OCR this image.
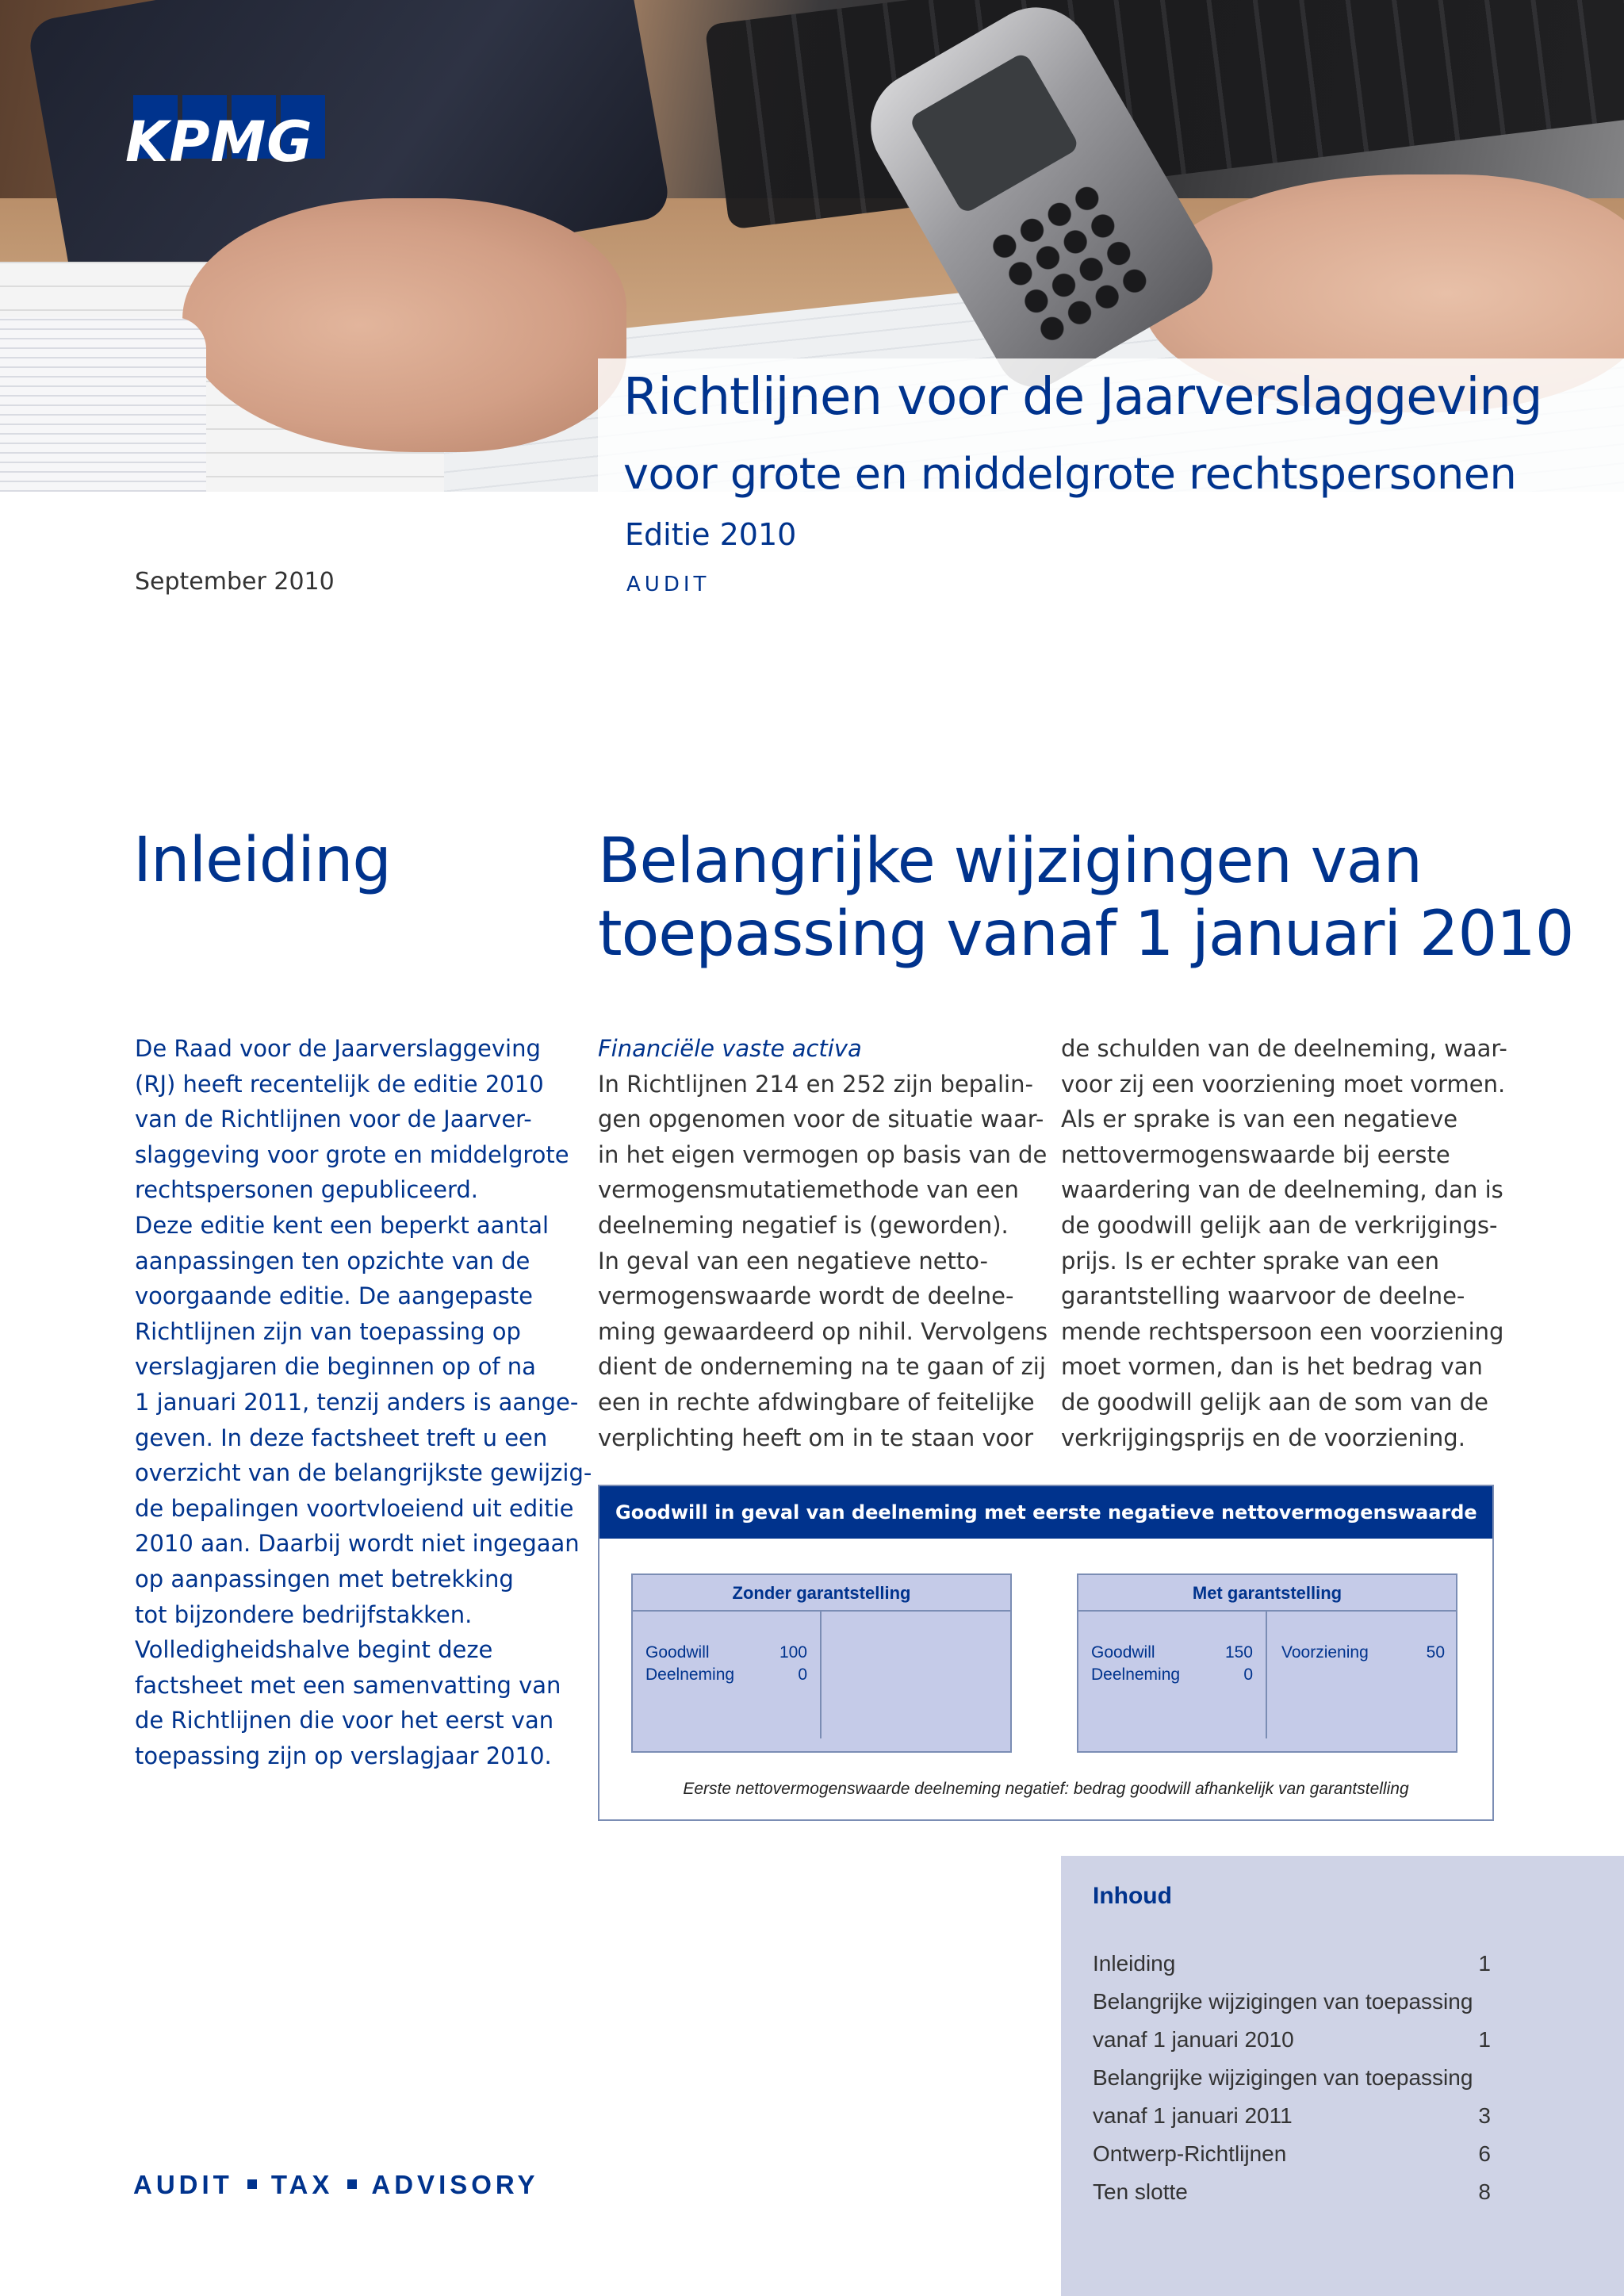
KPMG
Richtlijnen voor de Jaarverslaggeving
voor grote en middelgrote rechtspersonen
Editie 2010
AUDIT
September 2010
Inleiding	Belangrijke wijzigingen van
toepassing vanaf 1 januari 2010
De Raad voor de Jaarverslaggeving
(RJ) heeft recentelijk de editie 2010
van de Richtlijnen voor de Jaarver-
slaggeving voor grote en middelgrote
rechtspersonen gepubliceerd.
Deze editie kent een beperkt aantal
aanpassingen ten opzichte van de
voorgaande editie. De aangepaste
Richtlijnen zijn van toepassing op
verslagjaren die beginnen op of na
1 januari 2011, tenzij anders is aange-
geven. In deze factsheet treft u een
overzicht van de belangrijkste gewijzig-
de bepalingen voortvloeiend uit editie
2010 aan. Daarbij wordt niet ingegaan
op aanpassingen met betrekking
tot bijzondere bedrijfstakken.
Volledigheidshalve begint deze
factsheet met een samenvatting van
de Richtlijnen die voor het eerst van
toepassing zijn op verslagjaar 2010.
Financiële vaste activa
In Richtlijnen 214 en 252 zijn bepalin-
gen opgenomen voor de situatie waar-
in het eigen vermogen op basis van de
vermogensmutatiemethode van een
deelneming negatief is (geworden).
In geval van een negatieve netto-
vermogenswaarde wordt de deelne-
ming gewaardeerd op nihil. Vervolgens
dient de onderneming na te gaan of zij
een in rechte afdwingbare of feitelijke
verplichting heeft om in te staan voor
de schulden van de deelneming, waar-
voor zij een voorziening moet vormen.
Als er sprake is van een negatieve
nettovermogenswaarde bij eerste
waardering van de deelneming, dan is
de goodwill gelijk aan de verkrijgings-
prijs. Is er echter sprake van een
garantstelling waarvoor de deelne-
mende rechtspersoon een voorziening
moet vormen, dan is het bedrag van
de goodwill gelijk aan de som van de
verkrijgingsprijs en de voorziening.
Goodwill in geval van deelneming met eerste negatieve nettovermogenswaarde
Zonder garantstelling
Goodwill	100
Deelneming	0
Met garantstelling
Goodwill	150
Deelneming	0
Voorziening	50
Eerste nettovermogenswaarde deelneming negatief: bedrag goodwill afhankelijk van garantstelling
Inhoud
Inleiding	1
Belangrijke wijzigingen van toepassing
vanaf 1 januari 2010	1
Belangrijke wijzigingen van toepassing
vanaf 1 januari 2011	3
Ontwerp-Richtlijnen	6
Ten slotte	8
AUDIT TAX ADVISORY
